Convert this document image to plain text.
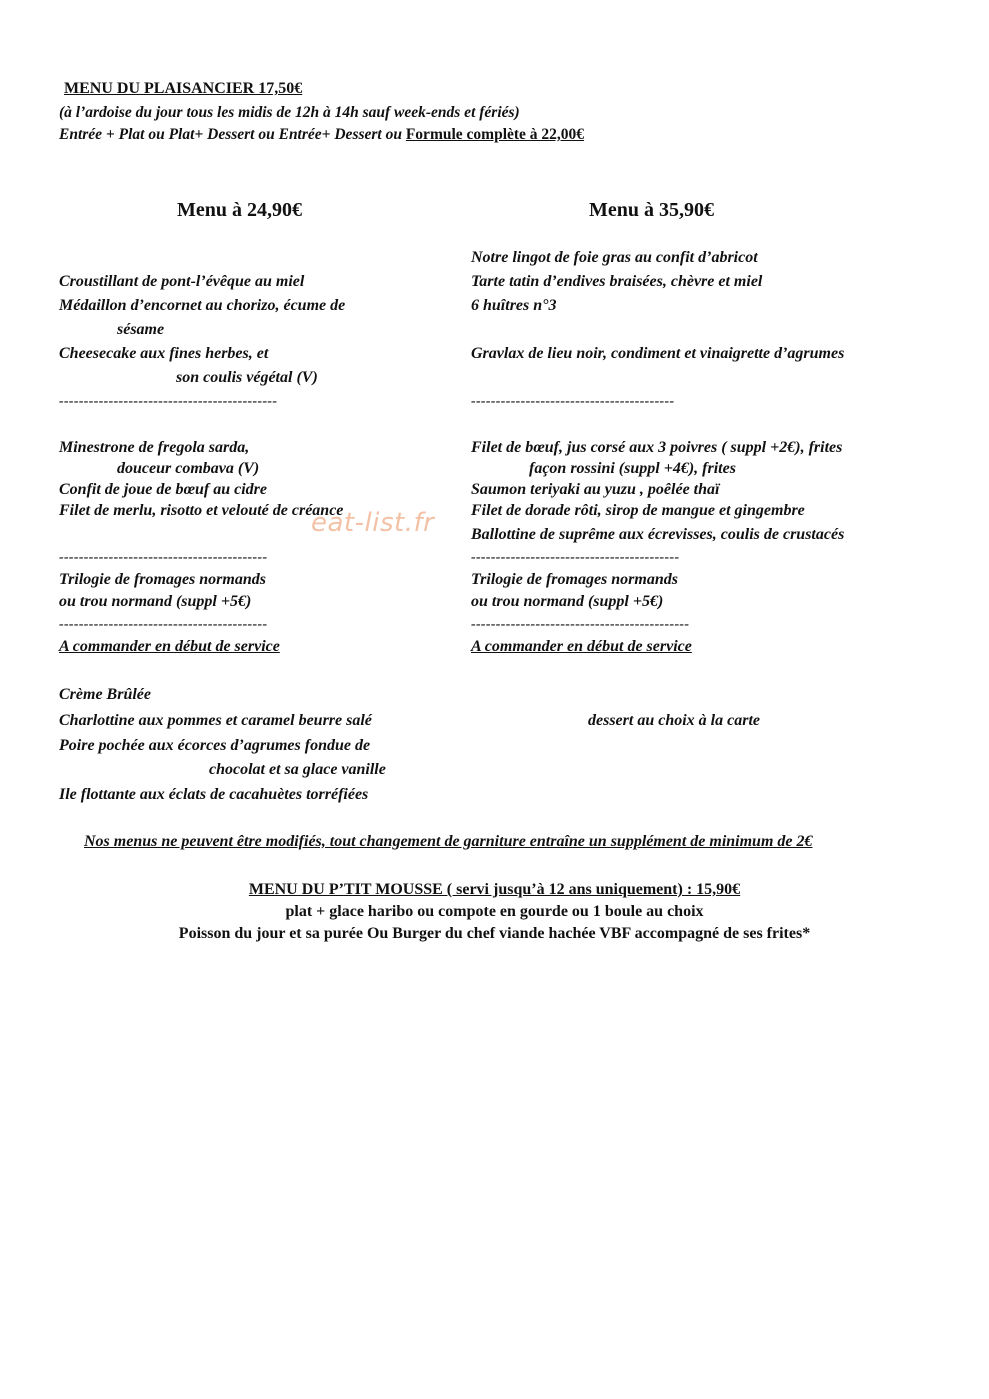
MENU DU PLAISANCIER 17,50€
(à l’ardoise du jour tous les midis de 12h à 14h sauf week-ends et fériés)
Entrée + Plat ou Plat+ Dessert ou Entrée+ Dessert ou Formule complète à 22,00€
Menu à 24,90€	Menu à 35,90€
Croustillant de pont-l’évêque au miel
Médaillon d’encornet au chorizo, écume de
sésame
Cheesecake aux fines herbes, et
son coulis végétal (V)
--------------------------------------------
Minestrone de fregola sarda,
douceur combava (V)
Confit de joue de bœuf au cidre
Filet de merlu, risotto et velouté de créance
------------------------------------------
Trilogie de fromages normands
ou trou normand (suppl +5€)
------------------------------------------
A commander en début de service
Crème Brûlée
Charlottine aux pommes et caramel beurre salé
Poire pochée aux écorces d’agrumes fondue de
chocolat et sa glace vanille
Ile flottante aux éclats de cacahuètes torréfiées
Notre lingot de foie gras au confit d’abricot
Tarte tatin d’endives braisées, chèvre et miel
6 huîtres n°3
Gravlax de lieu noir, condiment et vinaigrette d’agrumes
-----------------------------------------
Filet de bœuf, jus corsé aux 3 poivres ( suppl +2€), frites
façon rossini (suppl +4€), frites
Saumon teriyaki au yuzu , poêlée thaï
Filet de dorade rôti, sirop de mangue et gingembre
Ballottine de suprême aux écrevisses, coulis de crustacés
------------------------------------------
Trilogie de fromages normands
ou trou normand (suppl +5€)
--------------------------------------------
A commander en début de service
dessert au choix à la carte
eat-list.fr
Nos menus ne peuvent être modifiés, tout changement de garniture entraîne un supplément de minimum de 2€
MENU DU P’TIT MOUSSE ( servi jusqu’à 12 ans uniquement) : 15,90€
plat + glace haribo ou compote en gourde ou 1 boule au choix
Poisson du jour et sa purée Ou Burger du chef viande hachée VBF accompagné de ses frites*
